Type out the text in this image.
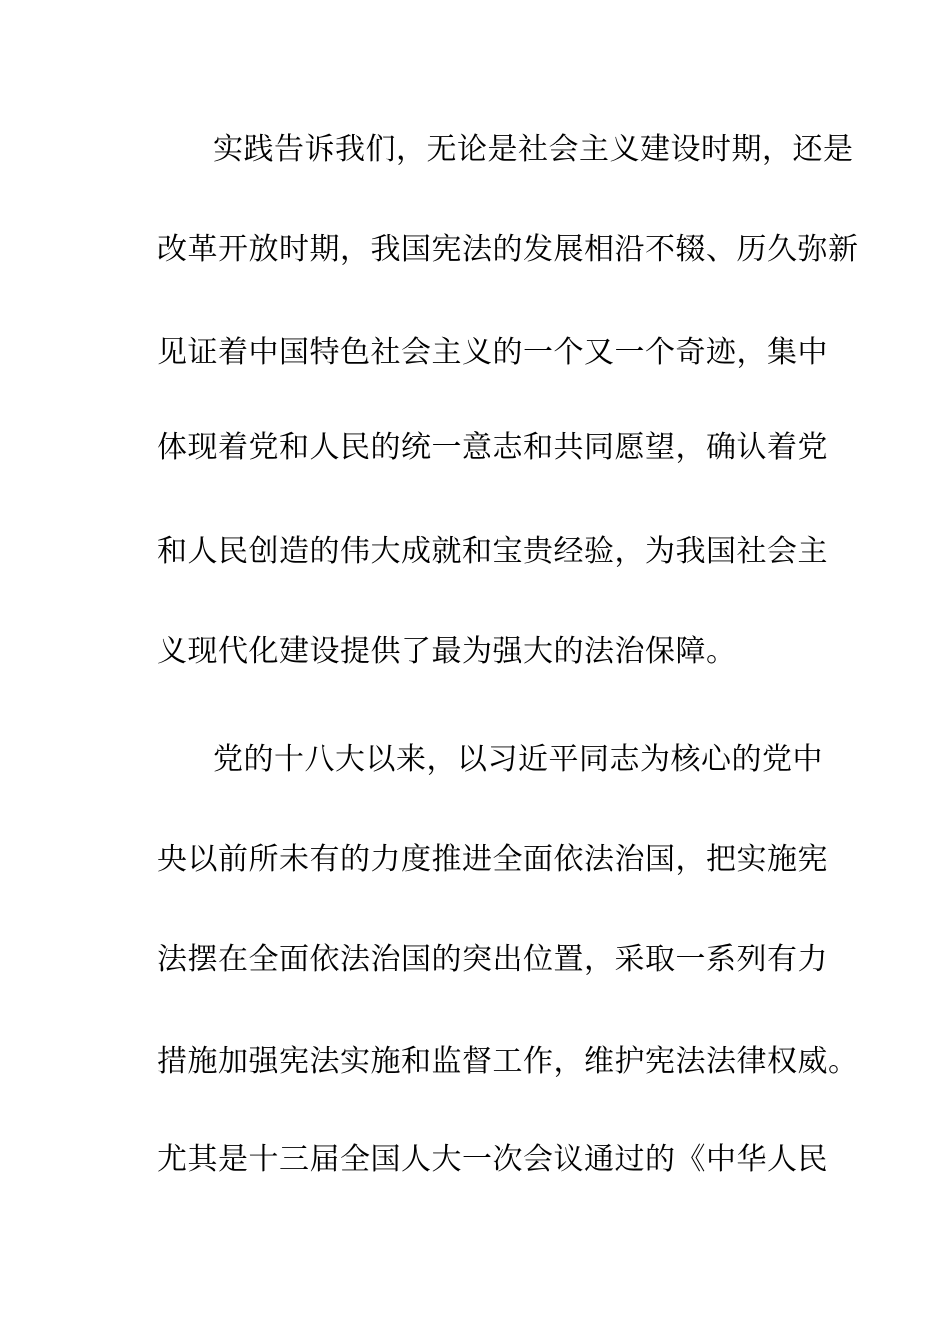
实践告诉我们，无论是社会主义建设时期，还是
改革开放时期，我国宪法的发展相沿不辍、历久弥新
见证着中国特色社会主义的一个又一个奇迹，集中
体现着党和人民的统一意志和共同愿望，确认着党
和人民创造的伟大成就和宝贵经验，为我国社会主
义现代化建设提供了最为强大的法治保障。
党的十八大以来，以习近平同志为核心的党中
央以前所未有的力度推进全面依法治国，把实施宪
法摆在全面依法治国的突出位置，采取一系列有力
措施加强宪法实施和监督工作，维护宪法法律权威。
尤其是十三届全国人大一次会议通过的《中华人民
